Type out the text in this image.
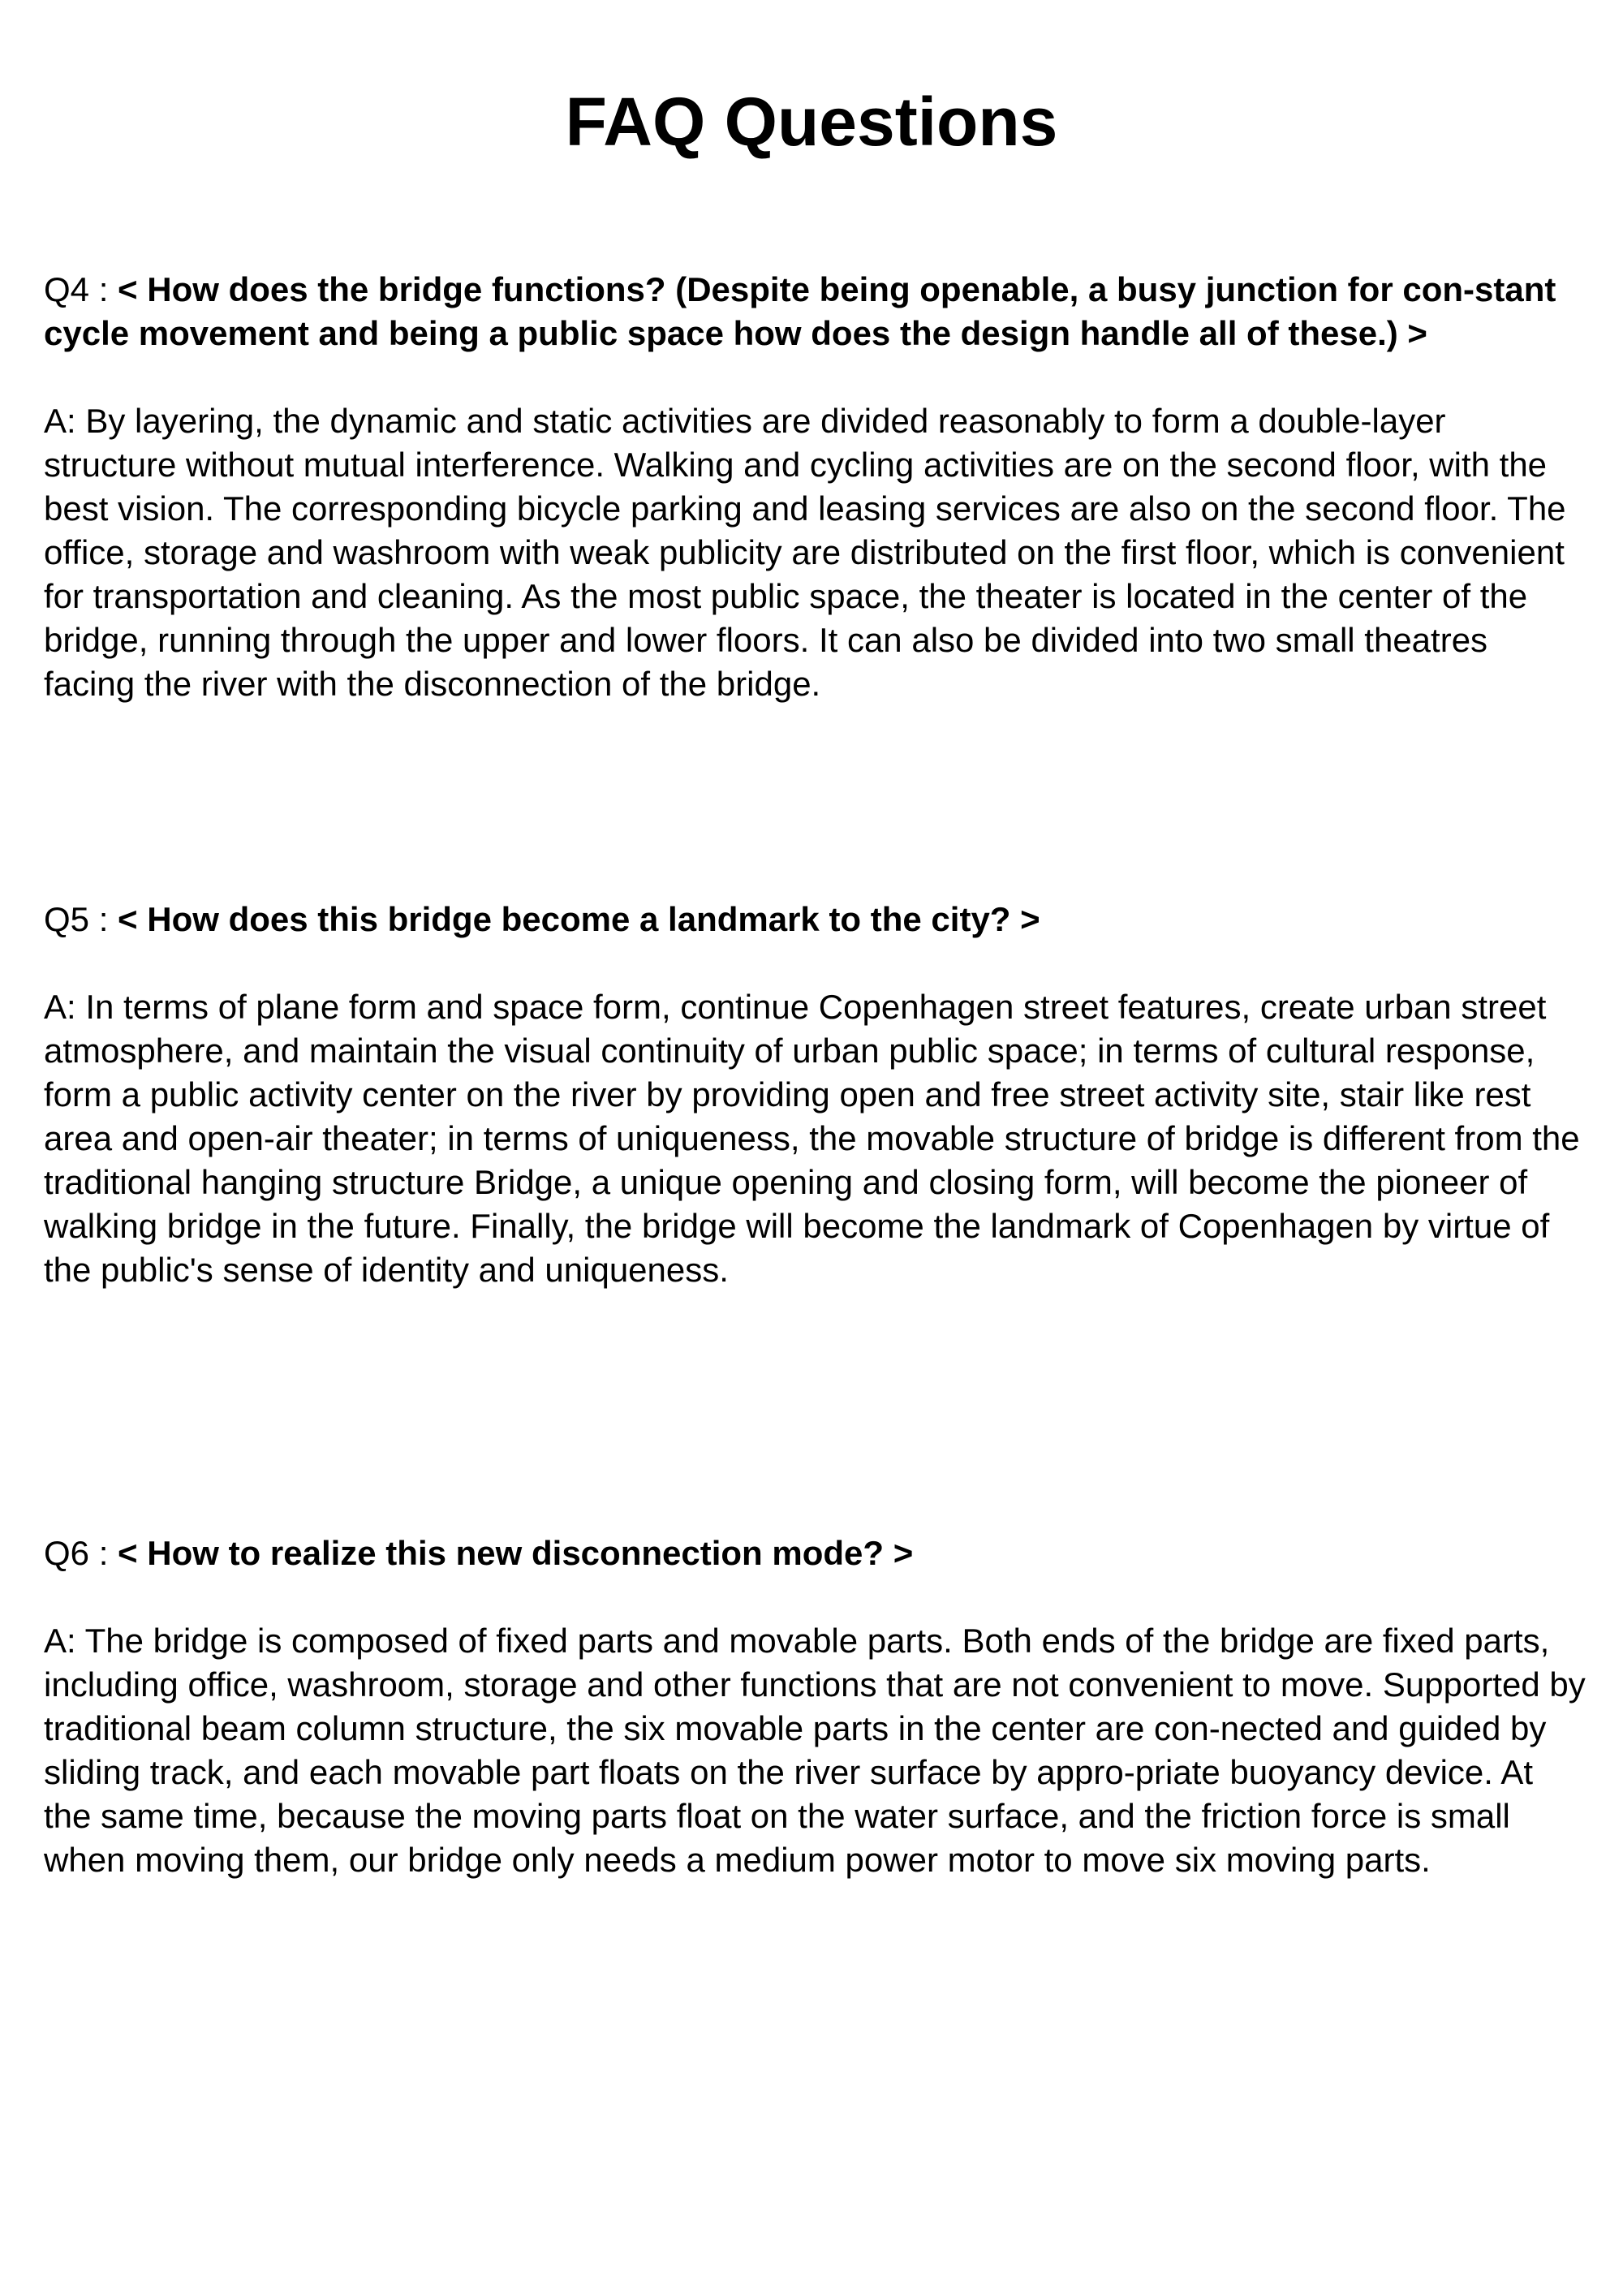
FAQ Questions

Q4 : < How does the bridge functions? (Despite being openable, a busy junction for con-stant cycle movement and being a public space how does the design handle all of these.) >

A: By layering, the dynamic and static activities are divided reasonably to form a double-layer structure without mutual interference. Walking and cycling activities are on the second floor, with the best vision. The corresponding bicycle parking and leasing services are also on the second floor. The office, storage and washroom with weak publicity are distributed on the first floor, which is convenient for transportation and cleaning. As the most public space, the theater is located in the center of the bridge, running through the upper and lower floors. It can also be divided into two small theatres facing the river with the disconnection of the bridge.

Q5 : < How does this bridge become a landmark to the city? >

A: In terms of plane form and space form, continue Copenhagen street features, create urban street atmosphere, and maintain the visual continuity of urban public space; in terms of cultural response, form a public activity center on the river by providing open and free street activity site, stair like rest area and open-air theater; in terms of uniqueness, the movable structure of bridge is different from the traditional hanging structure Bridge, a unique opening and closing form, will become the pioneer of walking bridge in the future. Finally, the bridge will become the landmark of Copenhagen by virtue of the public's sense of identity and uniqueness.

Q6 : < How to realize this new disconnection mode? >

A: The bridge is composed of fixed parts and movable parts. Both ends of the bridge are fixed parts, including office, washroom, storage and other functions that are not convenient to move. Supported by traditional beam column structure, the six movable parts in the center are con-nected and guided by sliding track, and each movable part floats on the river surface by appro-priate buoyancy device. At the same time, because the moving parts float on the water surface, and the friction force is small when moving them, our bridge only needs a medium power motor to move six moving parts.
